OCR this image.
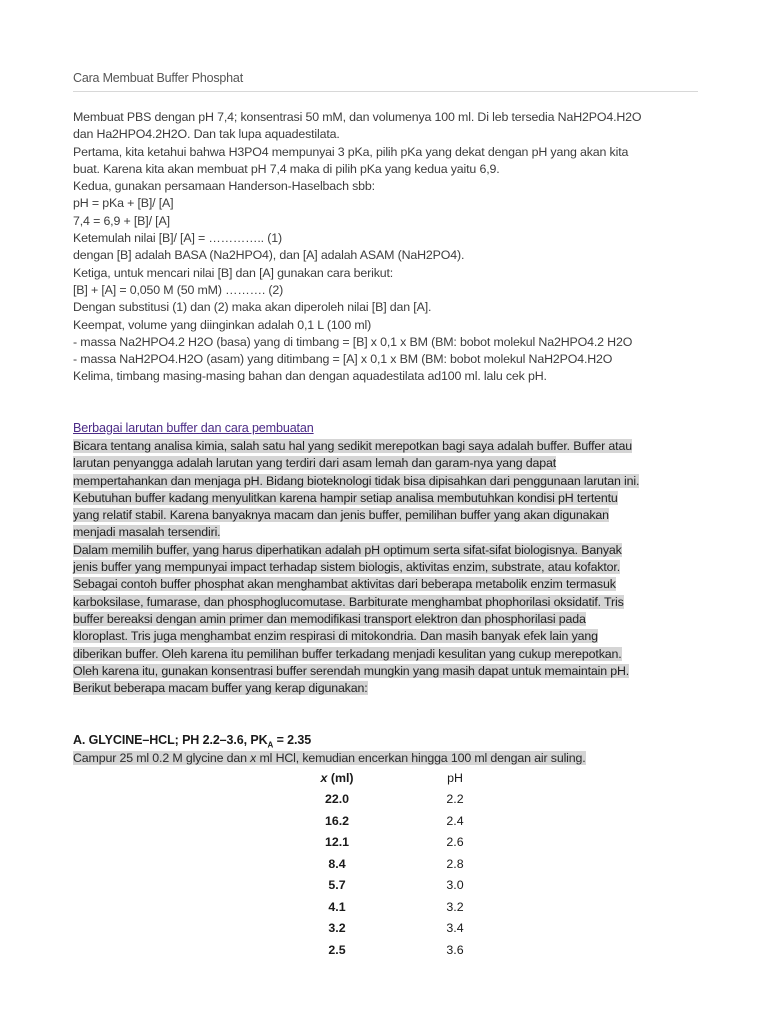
Cara Membuat Buffer Phosphat
Membuat PBS dengan pH 7,4; konsentrasi 50 mM, dan volumenya 100 ml. Di leb tersedia NaH2PO4.H2O
dan Ha2HPO4.2H2O. Dan tak lupa aquadestilata.
Pertama, kita ketahui bahwa H3PO4 mempunyai 3 pKa, pilih pKa yang dekat dengan pH yang akan kita
buat. Karena kita akan membuat pH 7,4 maka di pilih pKa yang kedua yaitu 6,9.
Kedua, gunakan persamaan Handerson-Haselbach sbb:
pH = pKa + [B]/ [A]
7,4 = 6,9 + [B]/ [A]
Ketemulah nilai [B]/ [A] = ………….. (1)
dengan [B] adalah BASA (Na2HPO4), dan [A] adalah ASAM (NaH2PO4).
Ketiga, untuk mencari nilai [B] dan [A] gunakan cara berikut:
[B] + [A] = 0,050 M (50 mM) ………. (2)
Dengan substitusi (1) dan (2) maka akan diperoleh nilai [B] dan [A].
Keempat, volume yang diinginkan adalah 0,1 L (100 ml)
- massa Na2HPO4.2 H2O (basa) yang di timbang = [B] x 0,1 x BM (BM: bobot molekul Na2HPO4.2 H2O
- massa NaH2PO4.H2O (asam) yang ditimbang = [A] x 0,1 x BM (BM: bobot molekul NaH2PO4.H2O
Kelima, timbang masing-masing bahan dan dengan aquadestilata ad100 ml. lalu cek pH.
Berbagai larutan buffer dan cara pembuatan
Bicara tentang analisa kimia, salah satu hal yang sedikit merepotkan bagi saya adalah buffer. Buffer atau
larutan penyangga adalah larutan yang terdiri dari asam lemah dan garam-nya yang dapat
mempertahankan dan menjaga pH. Bidang bioteknologi tidak bisa dipisahkan dari penggunaan larutan ini.
Kebutuhan buffer kadang menyulitkan karena hampir setiap analisa membutuhkan kondisi pH tertentu
yang relatif stabil. Karena banyaknya macam dan jenis buffer, pemilihan buffer yang akan digunakan
menjadi masalah tersendiri.
Dalam memilih buffer, yang harus diperhatikan adalah pH optimum serta sifat-sifat biologisnya. Banyak
jenis buffer yang mempunyai impact terhadap sistem biologis, aktivitas enzim, substrate, atau kofaktor.
Sebagai contoh buffer phosphat akan menghambat aktivitas dari beberapa metabolik enzim termasuk
karboksilase, fumarase, dan phosphoglucomutase. Barbiturate menghambat phophorilasi oksidatif. Tris
buffer bereaksi dengan amin primer dan memodifikasi transport elektron dan phosphorilasi pada
kloroplast. Tris juga menghambat enzim respirasi di mitokondria. Dan masih banyak efek lain yang
diberikan buffer. Oleh karena itu pemilihan buffer terkadang menjadi kesulitan yang cukup merepotkan.
Oleh karena itu, gunakan konsentrasi buffer serendah mungkin yang masih dapat untuk memaintain pH.
Berikut beberapa macam buffer yang kerap digunakan:
A. GLYCINE–HCL; PH 2.2–3.6, $PK_A = 2.35$
Campur 25 ml 0.2 M glycine dan x ml HCl, kemudian encerkan hingga 100 ml dengan air suling.
x (ml)	pH
22.0	2.2
16.2	2.4
12.1	2.6
8.4	2.8
5.7	3.0
4.1	3.2
3.2	3.4
2.5	3.6
